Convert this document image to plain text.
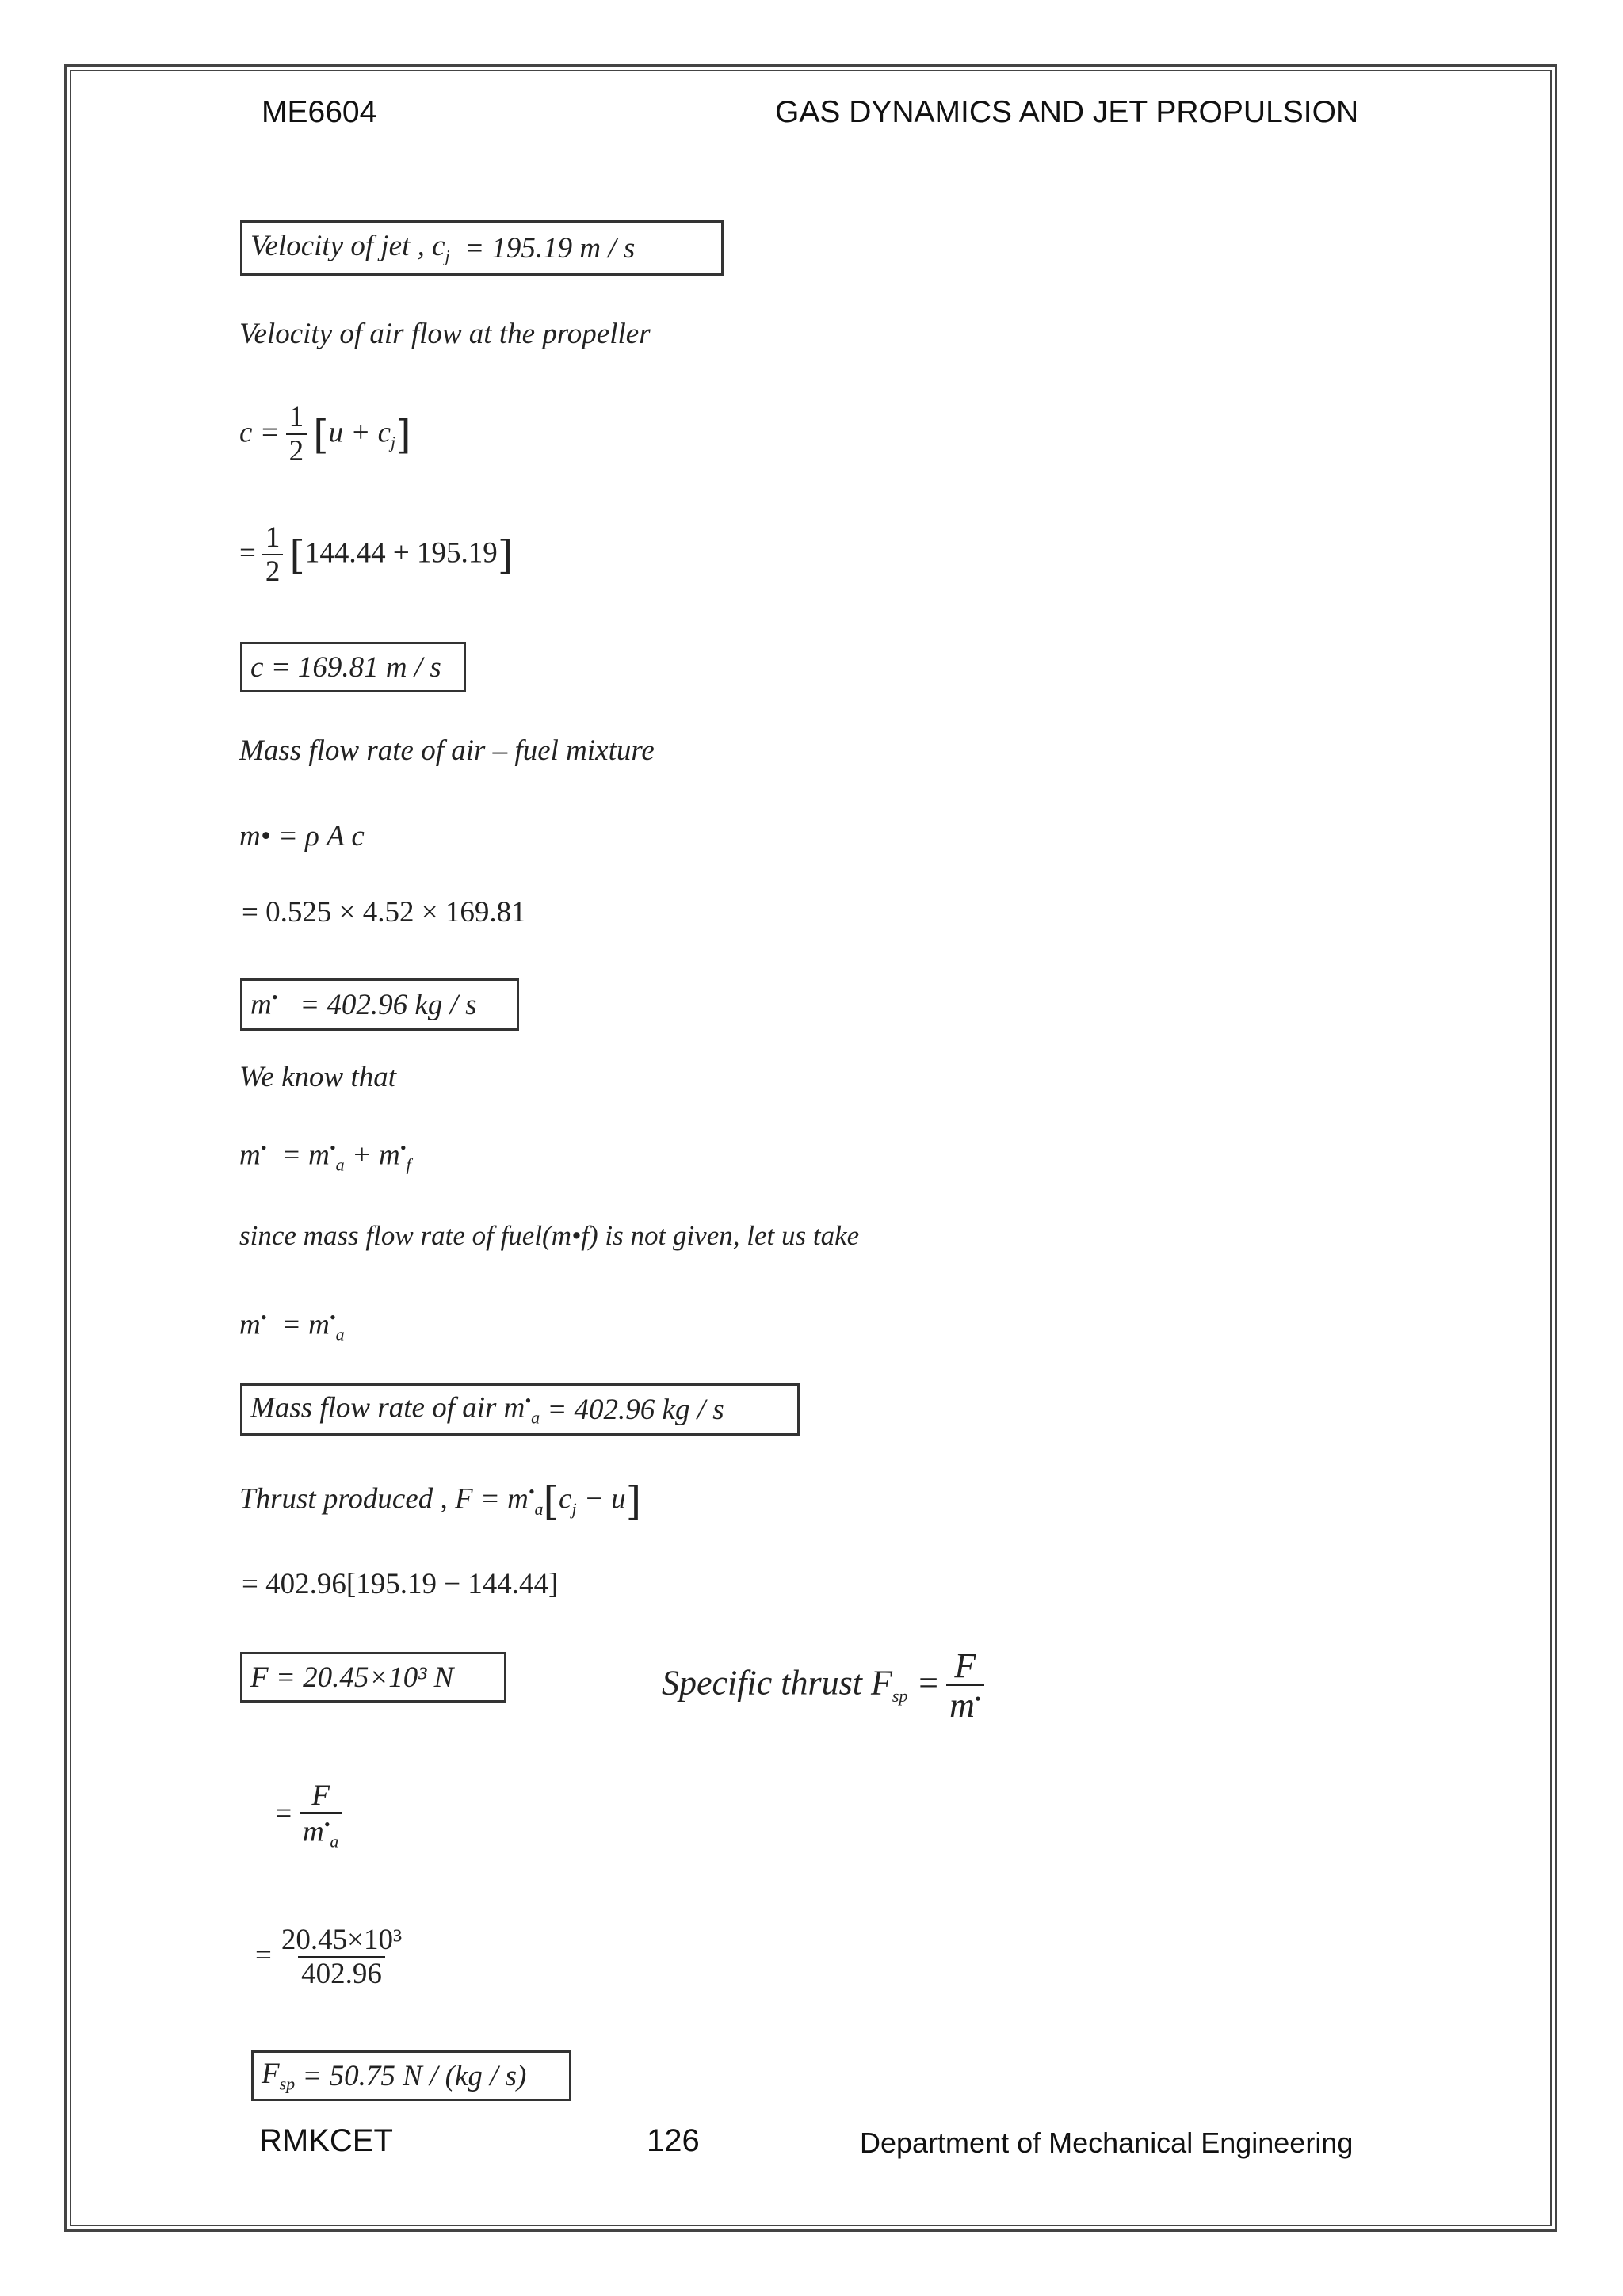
ME6604	GAS DYNAMICS AND JET PROPULSION
Velocity of jet , $c_j = 195.19$ m / s
Velocity of air flow at the propeller
$c = \frac{1}{2} [u + c_j]$
= $\frac{1}{2} [144.44 + 195.19]$
c = 169.81 m / s
Mass flow rate of air – fuel mixture
m• = ρ A c
= 0.525 × 4.52 × 169.81
m• = 402.96 kg / s
We know that
$m^• = m^•_a + m^•_f$
since mass flow rate of fuel(m•f) is not given, let us take
$m^• = m^•_a$
Mass flow rate of air $m^•_a = 402.96$ kg / s
Thrust produced , $F = m^•_a[c_j - u]$
= 402.96[195.19 − 144.44]
F = 20.45×10³ N	Specific thrust $F_{sp} = \frac{F}{m^•}$
= $\frac{F}{m^•_a}$
= $\frac{\text{20.45×10³}}{402.96}$
$F_{sp} = 50.75$ N / (kg / s)
RMKCET	126	Department of Mechanical Engineering
